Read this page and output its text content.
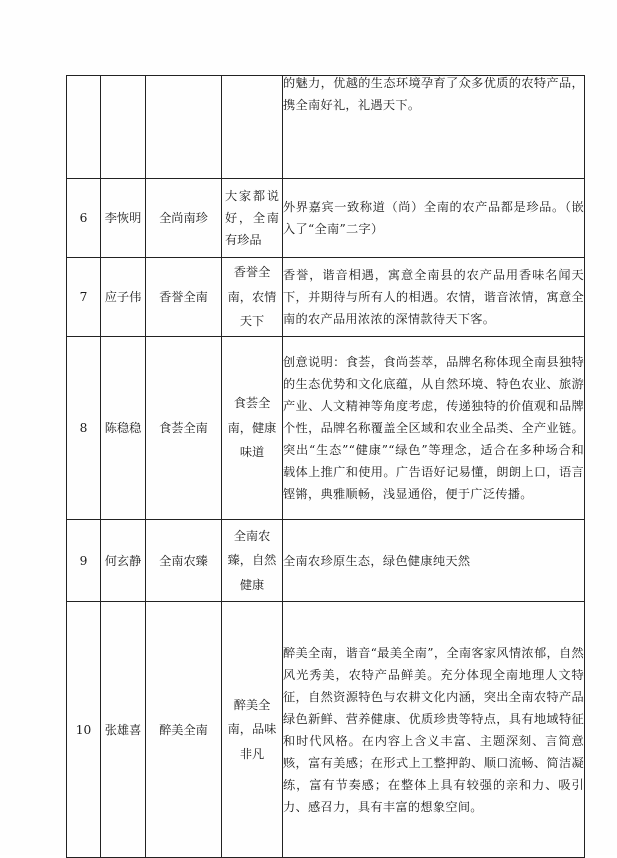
				的魅力，优越的生态环境孕育了众多优质的农特产品，携全南好礼，礼遇天下。

6	李恢明	全尚南珍	大家都说好，全南有珍品	外界嘉宾一致称道（尚）全南的农产品都是珍品。（嵌入了“全南”二字）

7	应子伟	香誉全南	香誉全南，农情天下	香誉，谐音相遇，寓意全南县的农产品用香味名闻天下，并期待与所有人的相遇。农情，谐音浓情，寓意全南的农产品用浓浓的深情款待天下客。

8	陈稳稳	食荟全南	食荟全南，健康味道	创意说明：食荟，食尚荟萃，品牌名称体现全南县独特的生态优势和文化底蕴，从自然环境、特色农业、旅游产业、人文精神等角度考虑，传递独特的价值观和品牌个性，品牌名称覆盖全区域和农业全品类、全产业链。突出“生态”“健康”“绿色”等理念，适合在多种场合和载体上推广和使用。广告语好记易懂，朗朗上口，语言铿锵，典雅顺畅，浅显通俗，便于广泛传播。

9	何玄静	全南农臻	全南农臻，自然健康	全南农珍原生态，绿色健康纯天然

10	张雄喜	醉美全南	醉美全南，品味非凡	醉美全南，谐音“最美全南”，全南客家风情浓郁，自然风光秀美，农特产品鲜美。充分体现全南地理人文特征，自然资源特色与农耕文化内涵，突出全南农特产品绿色新鲜、营养健康、优质珍贵等特点，具有地域特征和时代风格。在内容上含义丰富、主题深刻、言简意赅，富有美感；在形式上工整押韵、顺口流畅、简洁凝练，富有节奏感；在整体上具有较强的亲和力、吸引力、感召力，具有丰富的想象空间。
